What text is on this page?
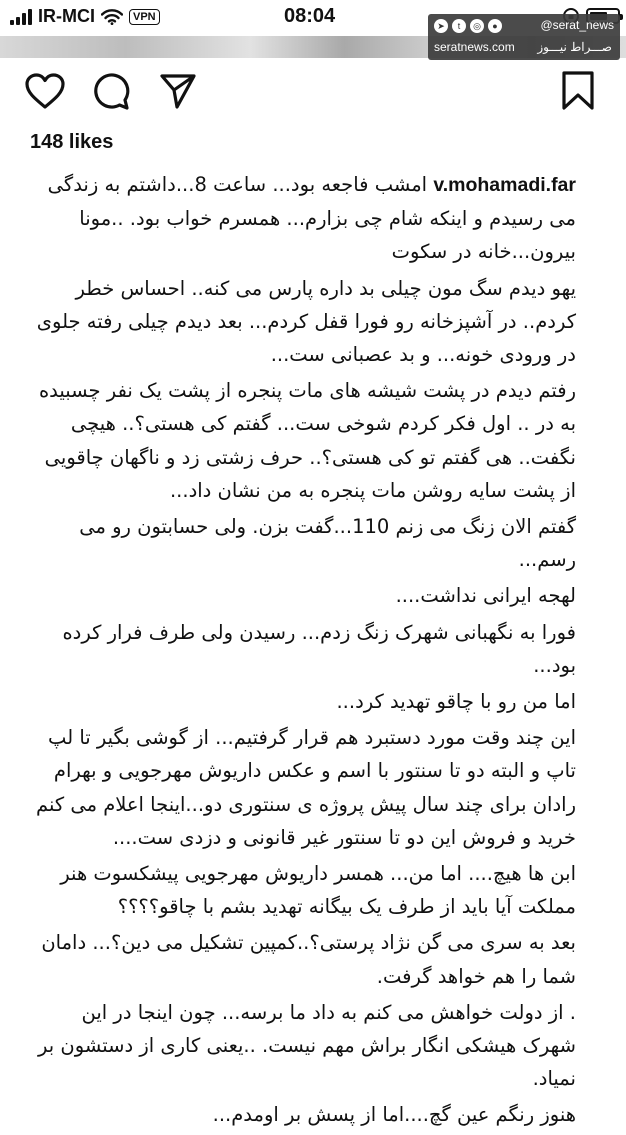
IR-MCI	VPN	08:04	➤	t	◎	●	@serat_news
seratnews.com صـــراط نیـــوز
148 likes

v.mohamadi.far امشب فاجعه بود... ساعت 8...داشتم به زندگی می رسیدم و اینکه شام چی بزارم... همسرم خواب بود. ..مونا بیرون...خانه در سکوت

یهو دیدم سگ مون چیلی بد داره پارس می کنه.. احساس خطر کردم.. در آشپزخانه رو فورا قفل کردم... بعد دیدم چیلی رفته جلوی در ورودی خونه... و بد عصبانی ست...

رفتم دیدم در پشت شیشه های مات پنجره از پشت یک نفر چسبیده به در .. اول فکر کردم شوخی ست... گفتم کی هستی؟.. هیچی نگفت.. هی گفتم تو کی هستی؟.. حرف زشتی زد و ناگهان چاقویی از پشت سایه روشن مات پنجره به من نشان داد...

گفتم الان زنگ می زنم 110...گفت بزن. ولی حسابتون رو می رسم...

لهجه ایرانی نداشت....

فورا به نگهبانی شهرک زنگ زدم... رسیدن ولی طرف فرار کرده بود...

اما من رو با چاقو تهدید کرد...

این چند وقت مورد دستبرد هم قرار گرفتیم... از گوشی بگیر تا لپ تاپ و البته دو تا سنتور با اسم و عکس داریوش مهرجویی و بهرام رادان برای چند سال پیش پروژه ی سنتوری دو...اینجا اعلام می کنم خرید و فروش این دو تا سنتور غیر قانونی و دزدی ست....

ابن ها هیچ.... اما من... همسر داریوش مهرجویی پیشکسوت هنر مملکت آیا باید از طرف یک بیگانه تهدید بشم با چاقو؟؟؟؟

بعد به سری می گن نژاد پرستی؟..کمپین تشکیل می دین؟... دامان شما را هم خواهد گرفت.

. از دولت خواهش می کنم به داد ما برسه... چون اینجا در این شهرک هیشکی انگار براش مهم نیست. ..یعنی کاری از دستشون بر نمیاد.

هنوز رنگم عین گچ....اما از پسش بر اومدم...
